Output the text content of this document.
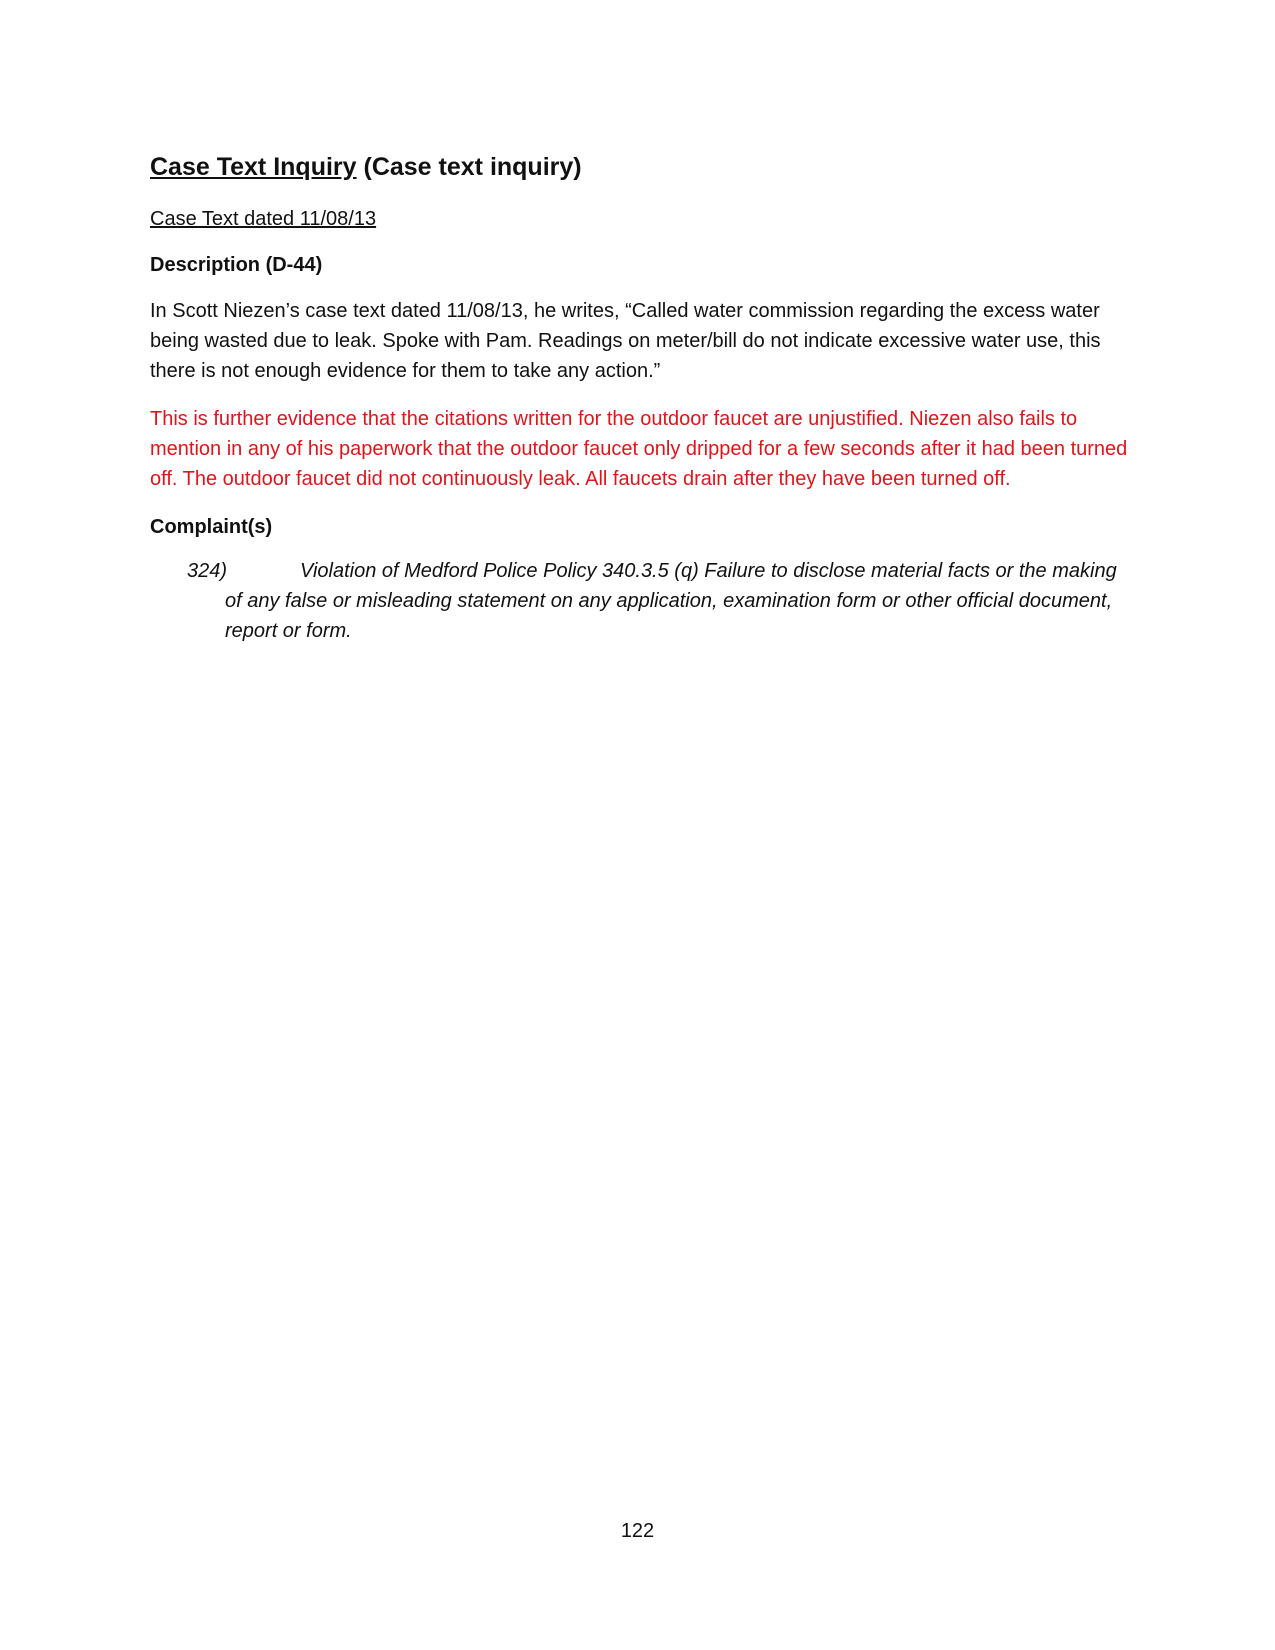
Case Text Inquiry (Case text inquiry)
Case Text dated 11/08/13
Description (D-44)

In Scott Niezen’s case text dated 11/08/13, he writes, “Called water commission regarding the excess water being wasted due to leak. Spoke with Pam. Readings on meter/bill do not indicate excessive water use, this there is not enough evidence for them to take any action.”

This is further evidence that the citations written for the outdoor faucet are unjustified. Niezen also fails to mention in any of his paperwork that the outdoor faucet only dripped for a few seconds after it had been turned off. The outdoor faucet did not continuously leak. All faucets drain after they have been turned off.

Complaint(s)

324)	Violation of Medford Police Policy 340.3.5 (q) Failure to disclose material facts or the making of any false or misleading statement on any application, examination form or other official document, report or form.

122
